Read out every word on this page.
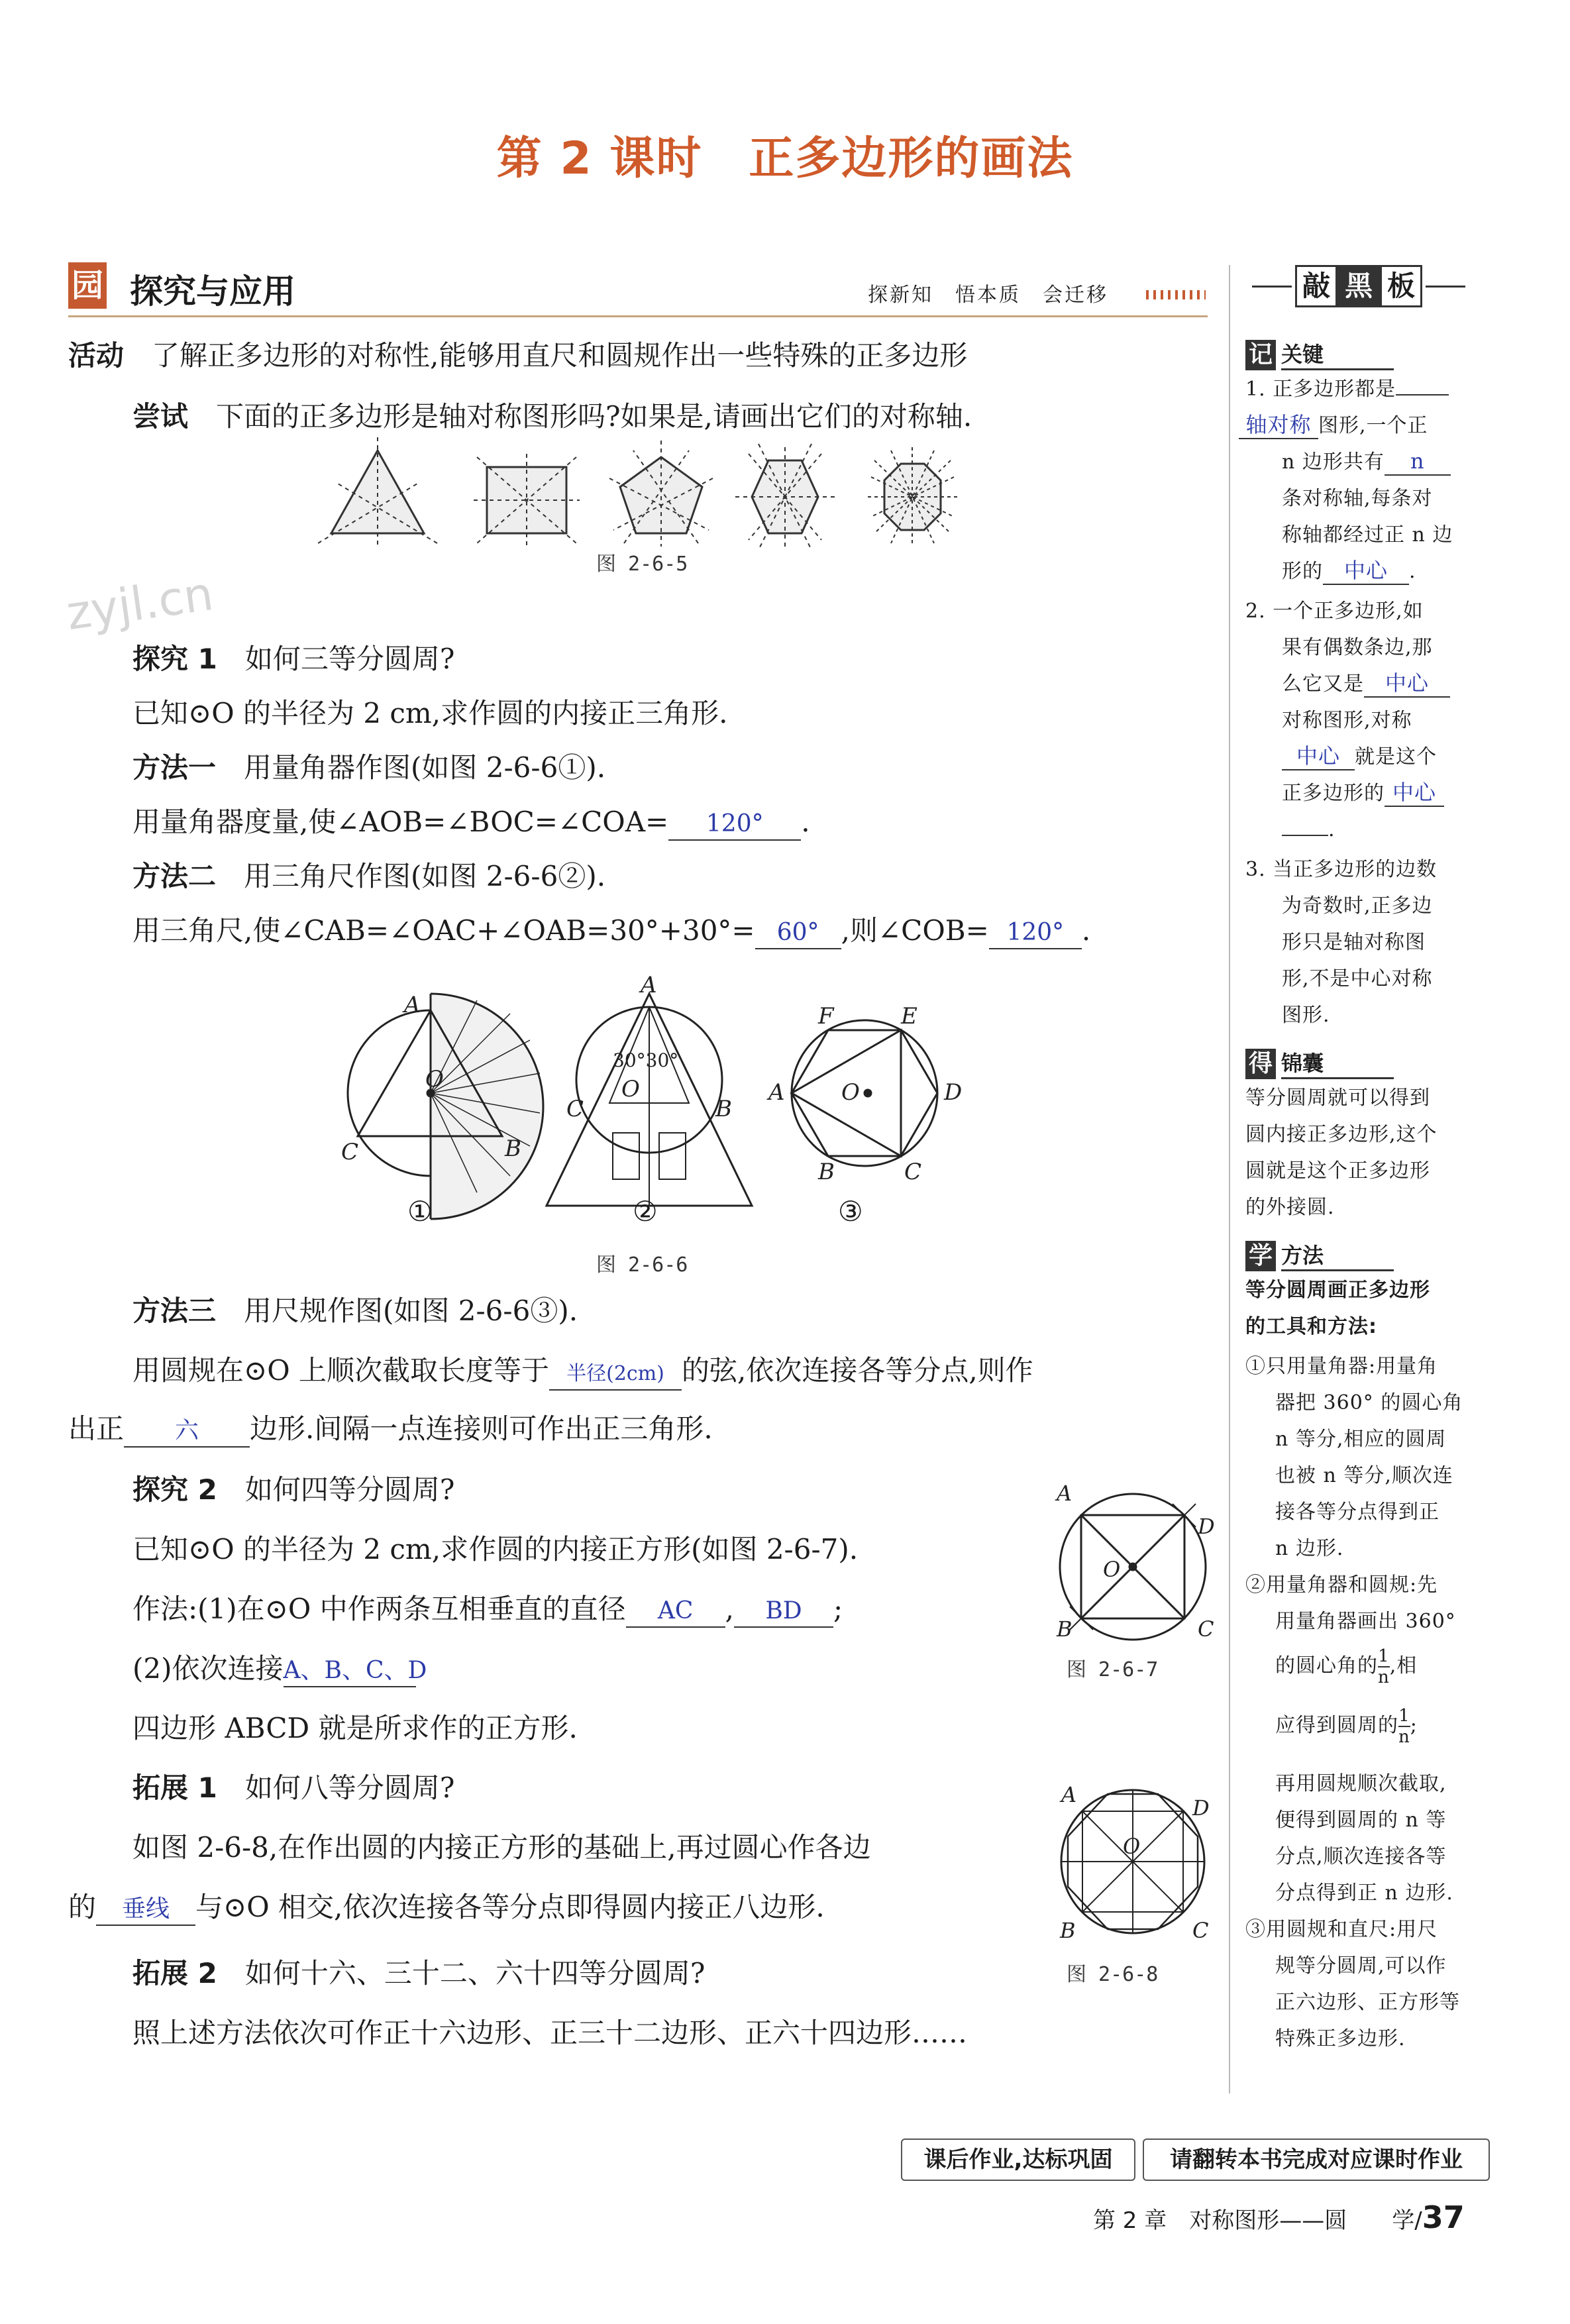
第 2 课时 正多边形的画法
园 探究与应用	探新知　悟本质　会迁移
活动　 了解正多边形的对称性,能够用直尺和圆规作出一些特殊的正多边形
尝试　 下面的正多边形是轴对称图形吗?如果是,请画出它们的对称轴.
图 2-6-5
zyjl.cn
探究 1　 如何三等分圆周?
已知⊙O 的半径为 2 cm,求作圆的内接正三角形.
方法一　 用量角器作图(如图 2-6-6①).
用量角器度量,使∠AOB=∠BOC=∠COA= 120° .
方法二　 用三角尺作图(如图 2-6-6②).
用三角尺,使∠CAB=∠OAC+∠OAB=30°+30°= 60° ,则∠COB= 120° .
A
O
C	B
A
30°30°
O
C	B
F	E
A	O	D
B	C
①	②	③
图 2-6-6
方法三　 用尺规作图(如图 2-6-6③).
用圆规在⊙O 上顺次截取长度等于 半径(2cm) 的弦,依次连接各等分点,则作
出正 六 边形.间隔一点连接则可作出正三角形.
探究 2　 如何四等分圆周?
已知⊙O 的半径为 2 cm,求作圆的内接正方形(如图 2-6-7).
作法:(1)在⊙O 中作两条互相垂直的直径 AC , BD ;
(2)依次连接A、B、C、D
四边形 ABCD 就是所求作的正方形.
A
D
O
B	C
图 2-6-7
拓展 1　 如何八等分圆周?
如图 2-6-8,在作出圆的内接正方形的基础上,再过圆心作各边
的 垂线 与⊙O 相交,依次连接各等分点即得圆内接正八边形.
A
D
O
B	C
图 2-6-8
拓展 2　 如何十六、三十二、六十四等分圆周?
照上述方法依次可作正十六边形、正三十二边形、正六十四边形……
敲 黑 板
记 关键
1. 正多边形都是
轴对称 图形,一个正
n 边形共有 n
条对称轴,每条对
称轴都经过正 n 边
形的 中心 .
2. 一个正多边形,如
果有偶数条边,那
么它又是 中心
对称图形,对称
中心 就是这个
正多边形的 中心
.
3. 当正多边形的边数
为奇数时,正多边
形只是轴对称图
形,不是中心对称
图形.
得 锦囊
等分圆周就可以得到
圆内接正多边形,这个
圆就是这个正多边形
的外接圆.
学 方法
等分圆周画正多边形
的工具和方法:
①只用量角器:用量角
器把 360° 的圆心角
n 等分,相应的圆周
也被 n 等分,顺次连
接各等分点得到正
n 边形.
②用量角器和圆规:先
用量角器画出 360°
的圆心角的 $\frac{1}{n}$ ,相
应得到圆周的 $\frac{1}{n}$ ;
再用圆规顺次截取,
便得到圆周的 n 等
分点,顺次连接各等
分点得到正 n 边形.
③用圆规和直尺:用尺
规等分圆周,可以作
正六边形、正方形等
特殊正多边形.
课后作业,达标巩固	请翻转本书完成对应课时作业
第 2 章　对称图形——圆　　 学/37
